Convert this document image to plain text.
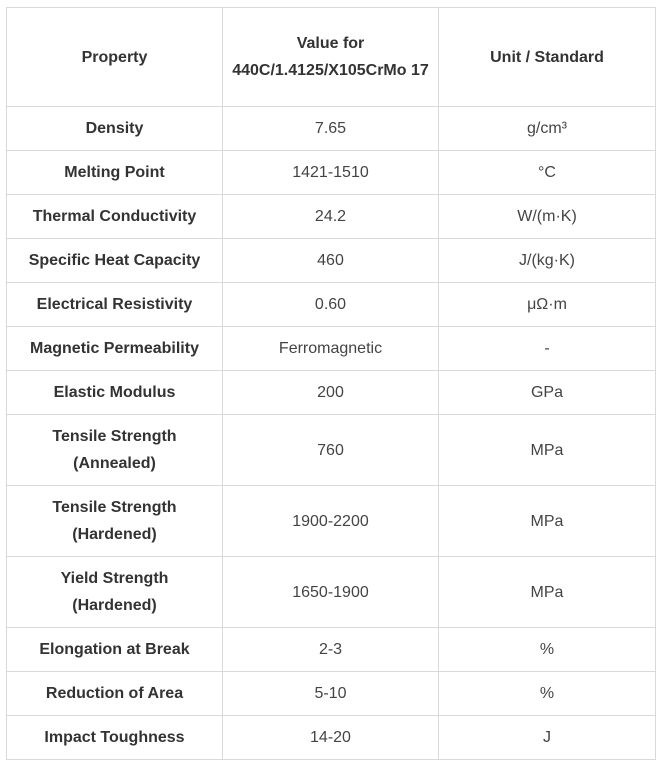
Property	Value for 440C/1.4125/X105CrMo 17	Unit / Standard
Density	7.65	g/cm³
Melting Point	1421-1510	°C
Thermal Conductivity	24.2	W/(m·K)
Specific Heat Capacity	460	J/(kg·K)
Electrical Resistivity	0.60	μΩ·m
Magnetic Permeability	Ferromagnetic	-
Elastic Modulus	200	GPa
Tensile Strength (Annealed)	760	MPa
Tensile Strength (Hardened)	1900-2200	MPa
Yield Strength (Hardened)	1650-1900	MPa
Elongation at Break	2-3	%
Reduction of Area	5-10	%
Impact Toughness	14-20	J
